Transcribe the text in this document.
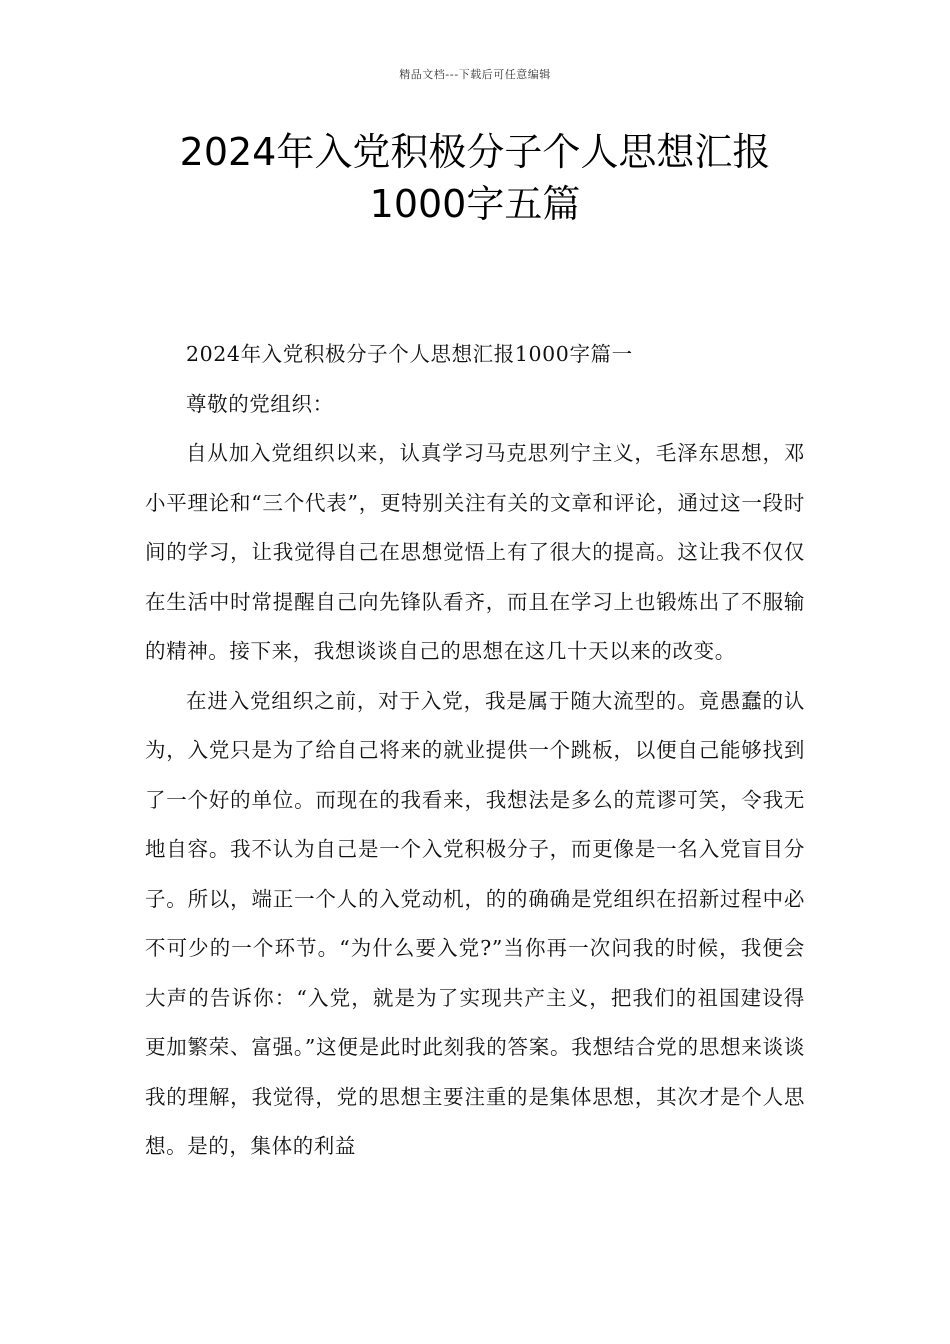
精品文档---下载后可任意编辑
2024年入党积极分子个人思想汇报
1000字五篇

2024年入党积极分子个人思想汇报1000字篇一

尊敬的党组织：

自从加入党组织以来，认真学习马克思列宁主义，毛泽东思想，邓小平理论和“三个代表”，更特别关注有关的文章和评论，通过这一段时间的学习，让我觉得自己在思想觉悟上有了很大的提高。这让我不仅仅在生活中时常提醒自己向先锋队看齐，而且在学习上也锻炼出了不服输的精神。接下来，我想谈谈自己的思想在这几十天以来的改变。

在进入党组织之前，对于入党，我是属于随大流型的。竟愚蠢的认为，入党只是为了给自己将来的就业提供一个跳板，以便自己能够找到了一个好的单位。而现在的我看来，我想法是多么的荒谬可笑，令我无地自容。我不认为自己是一个入党积极分子，而更像是一名入党盲目分子。所以，端正一个人的入党动机，的的确确是党组织在招新过程中必不可少的一个环节。“为什么要入党?”当你再一次问我的时候，我便会大声的告诉你：“入党，就是为了实现共产主义，把我们的祖国建设得更加繁荣、富强。”这便是此时此刻我的答案。我想结合党的思想来谈谈我的理解，我觉得，党的思想主要注重的是集体思想，其次才是个人思想。是的，集体的利益
